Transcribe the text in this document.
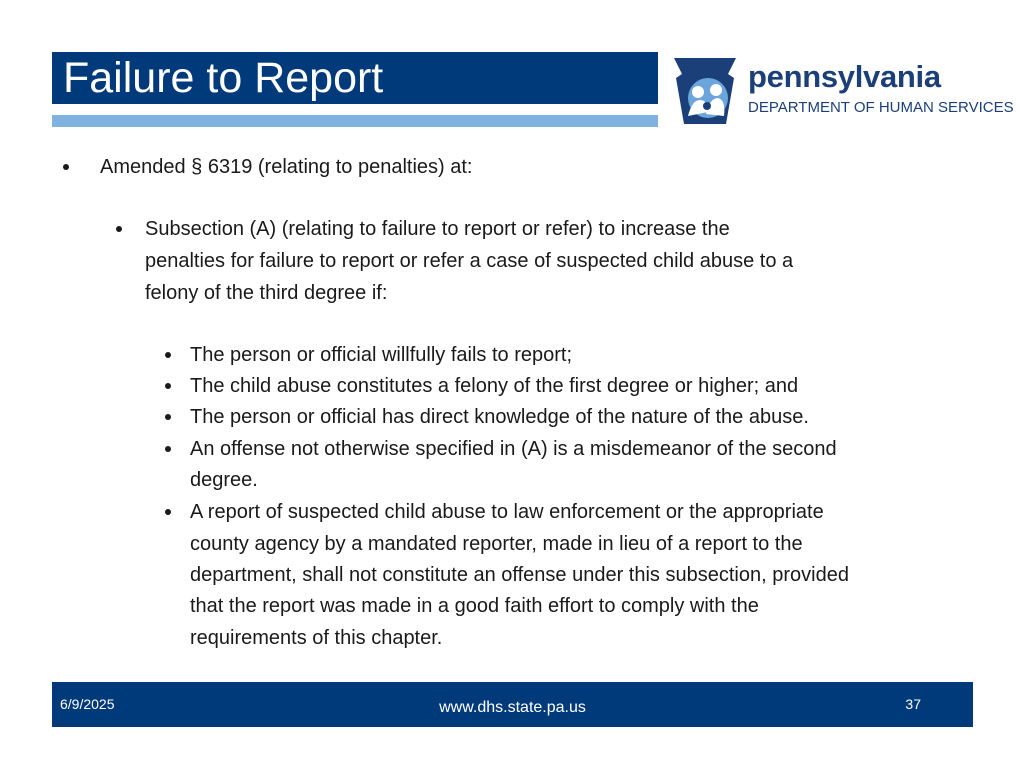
Failure to Report	pennsylvania
DEPARTMENT OF HUMAN SERVICES
Amended § 6319 (relating to penalties) at:
Subsection (A) (relating to failure to report or refer) to increase the
penalties for failure to report or refer a case of suspected child abuse to a
felony of the third degree if:
The person or official willfully fails to report;
The child abuse constitutes a felony of the first degree or higher; and
The person or official has direct knowledge of the nature of the abuse.
An offense not otherwise specified in (A) is a misdemeanor of the second
degree.
A report of suspected child abuse to law enforcement or the appropriate
county agency by a mandated reporter, made in lieu of a report to the
department, shall not constitute an offense under this subsection, provided
that the report was made in a good faith effort to comply with the
requirements of this chapter.
6/9/2025	www.dhs.state.pa.us	37
